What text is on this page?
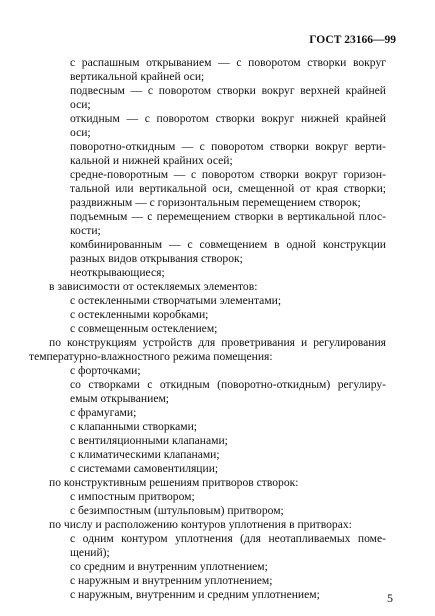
ГОСТ 23166—99
с распашным открыванием — с поворотом створки вокруг
вертикальной крайней оси;
подвесным — с поворотом створки вокруг верхней крайней
оси;
откидным — с поворотом створки вокруг нижней крайней
оси;
поворотно-откидным — с поворотом створки вокруг верти-
кальной и нижней крайних осей;
средне-поворотным — с поворотом створки вокруг горизон-
тальной или вертикальной оси, смещенной от края створки;
раздвижным — с горизонтальным перемещением створок;
подъемным — с перемещением створки в вертикальной плос-
кости;
комбинированным — с совмещением в одной конструкции
разных видов открывания створок;
неоткрывающиеся;
в зависимости от остекляемых элементов:
с остекленными створчатыми элементами;
с остекленными коробками;
с совмещенным остеклением;
по конструкциям устройств для проветривания и регулирования
температурно-влажностного режима помещения:
с форточками;
со створками с откидным (поворотно-откидным) регулиру-
емым открыванием;
с фрамугами;
с клапанными створками;
с вентиляционными клапанами;
с климатическими клапанами;
с системами самовентиляции;
по конструктивным решениям притворов створок:
с импостным притвором;
с безимпостным (штульповым) притвором;
по числу и расположению контуров уплотнения в притворах:
с одним контуром уплотнения (для неотапливаемых поме-
щений);
со средним и внутренним уплотнением;
с наружным и внутренним уплотнением;
с наружным, внутренним и средним уплотнением;	5
